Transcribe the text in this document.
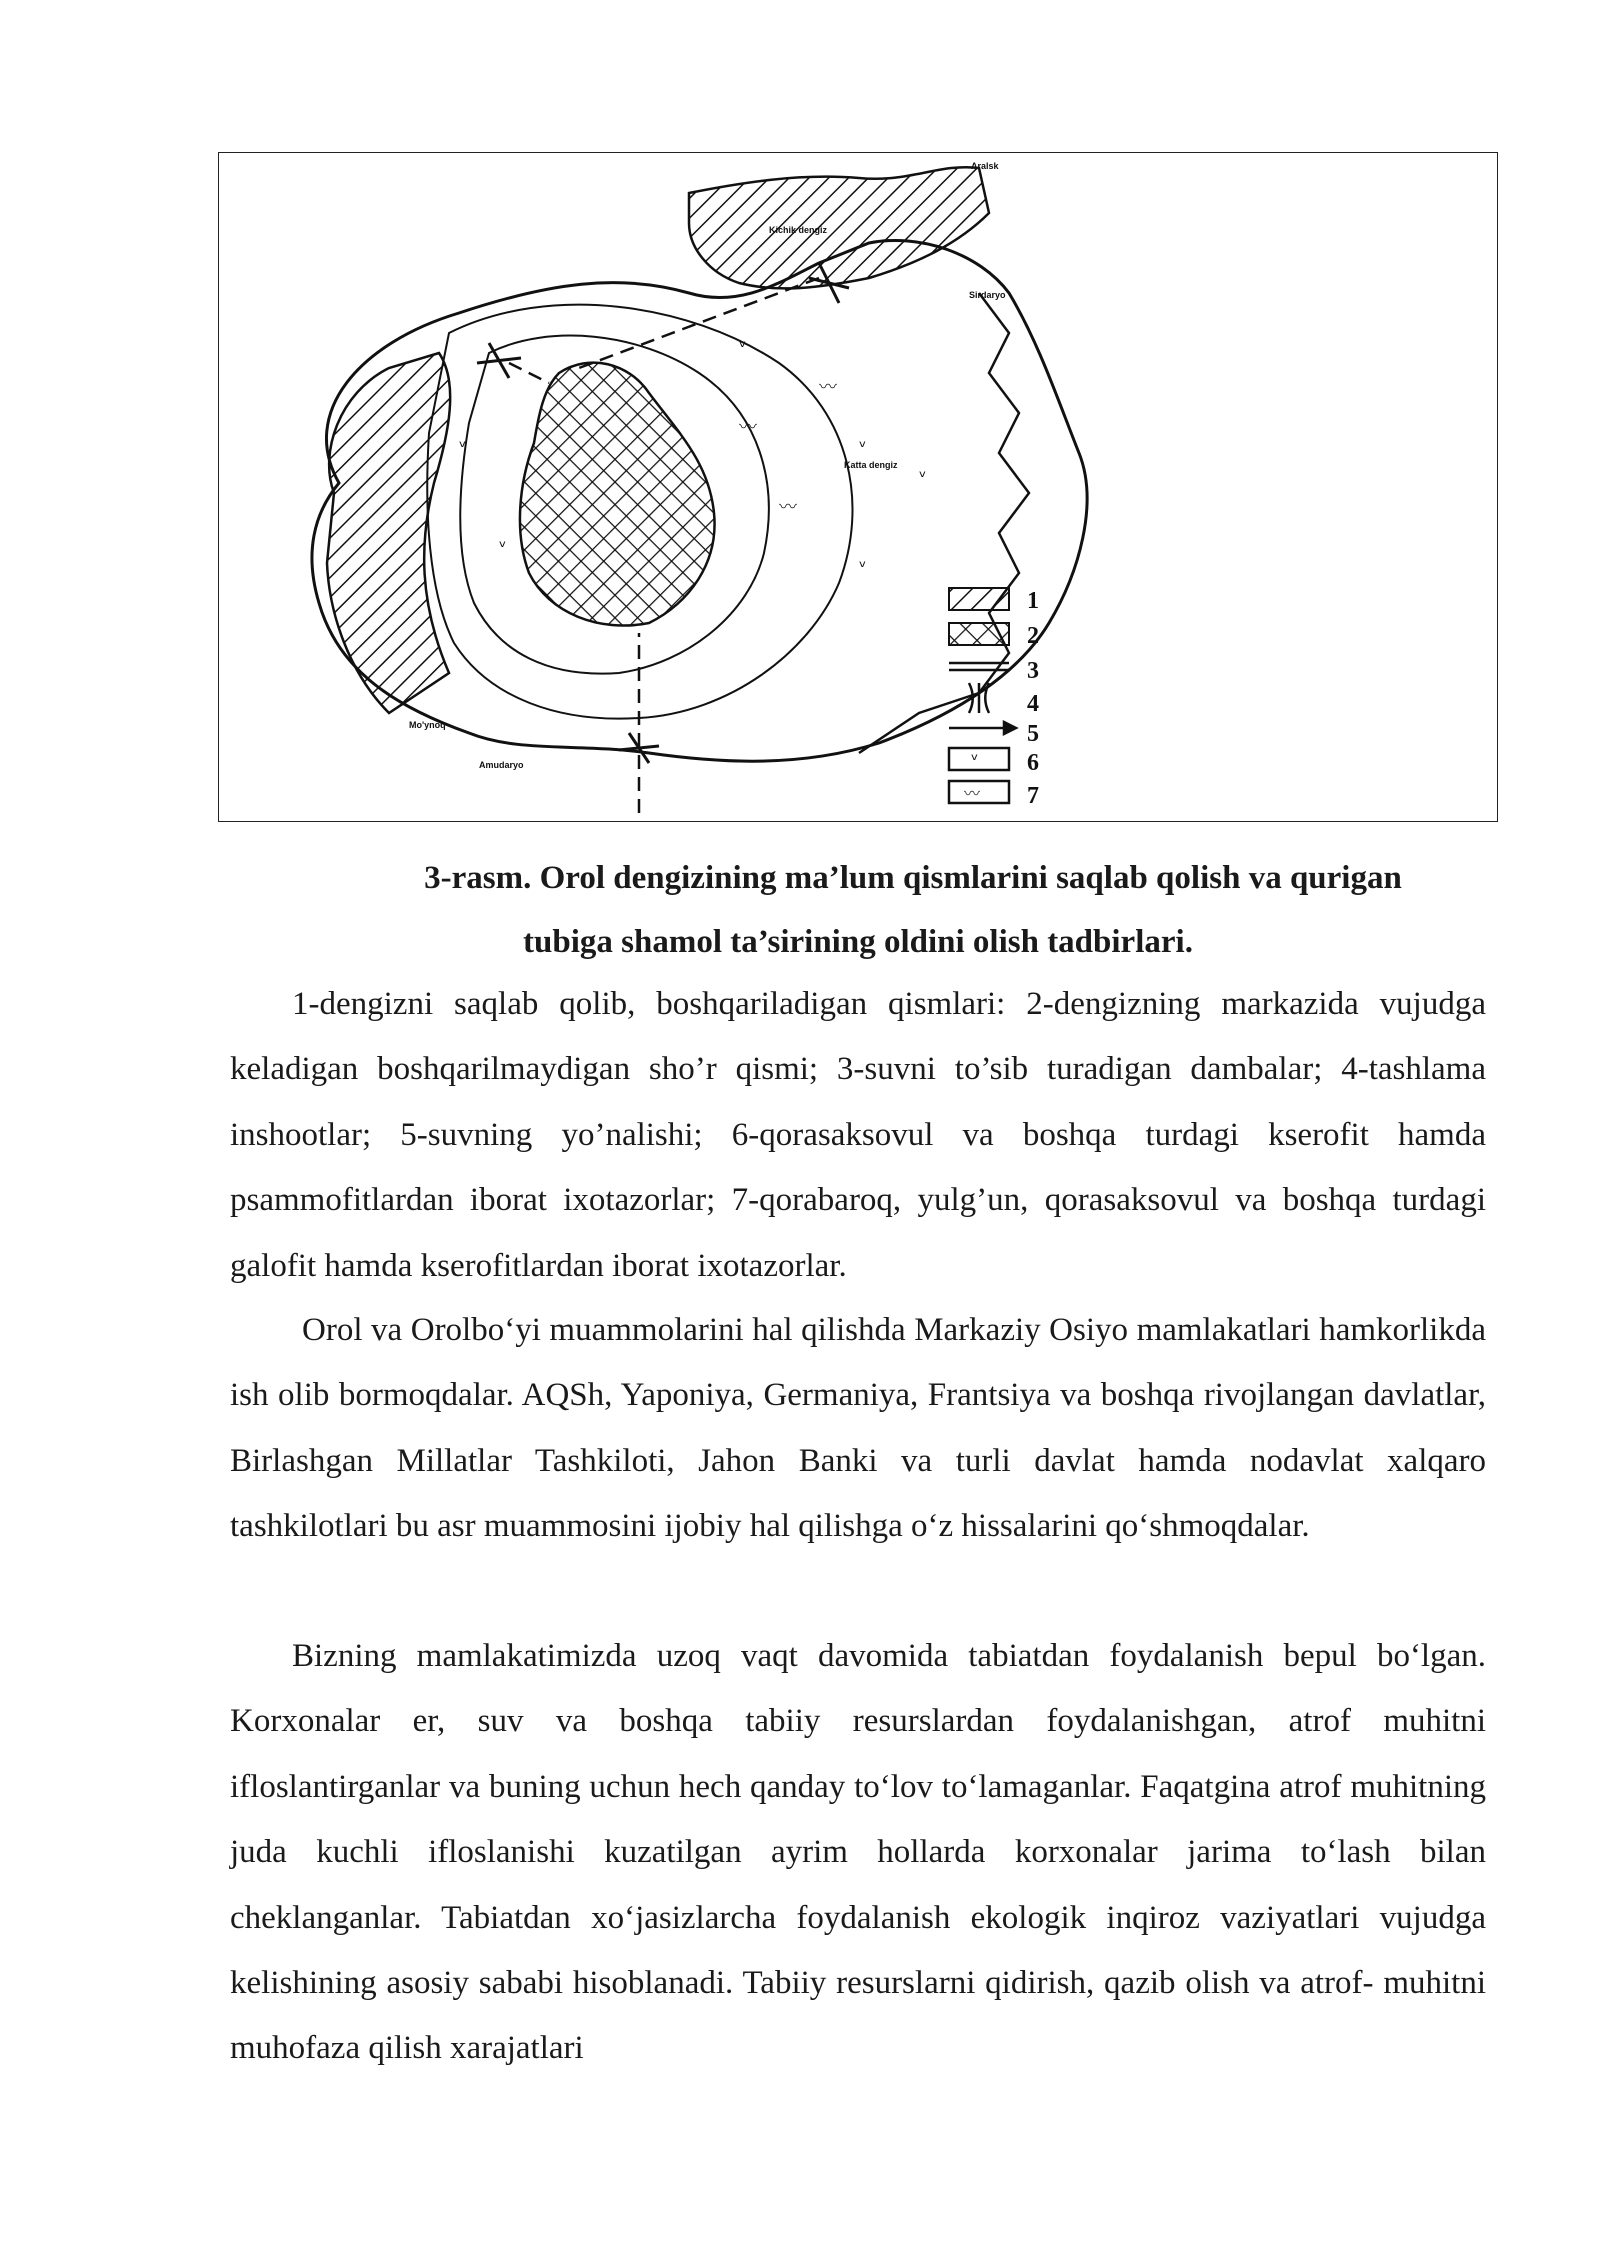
ᵛ
〰
ᵛ
〰
ᵛ
ᵛ
ᵛ
ᵛ
〰
Aralsk
Kichik dengiz
Sirdaryo
Katta dengiz
Mo'ynoq
Amudaryo
1
2
3
4
5
ᵛ 6
〰 7
3-rasm. Orol dengizining ma’lum qismlarini saqlab qolish va qurigan
tubiga shamol ta’sirining oldini olish tadbirlari.
1-dengizni saqlab qolib, boshqariladigan qismlari: 2-dengizning markazida vujudga keladigan boshqarilmaydigan sho’r qismi; 3-suvni to’sib turadigan dambalar; 4-tashlama inshootlar; 5-suvning yo’nalishi; 6-qorasaksovul va boshqa turdagi kserofit hamda psammofitlardan iborat ixotazorlar; 7-qorabaroq, yulg’un, qorasaksovul va boshqa turdagi galofit hamda kserofitlardan iborat ixotazorlar.
Orol va Orolbo‘yi muammolarini hal qilishda Markaziy Osiyo mamlakatlari hamkorlikda ish olib bormoqdalar. AQSh, Yaponiya, Germaniya, Frantsiya va boshqa rivojlangan davlatlar, Birlashgan Millatlar Tashkiloti, Jahon Banki va turli davlat hamda nodavlat xalqaro tashkilotlari bu asr muammosini ijobiy hal qilishga o‘z hissalarini qo‘shmoqdalar.
Bizning mamlakatimizda uzoq vaqt davomida tabiatdan foydalanish bepul bo‘lgan. Korxonalar er, suv va boshqa tabiiy resurslardan foydalanishgan, atrof muhitni ifloslantirganlar va buning uchun hech qanday to‘lov to‘lamaganlar. Faqatgina atrof muhitning juda kuchli ifloslanishi kuzatilgan ayrim hollarda korxonalar jarima to‘lash bilan cheklanganlar. Tabiatdan xo‘jasizlarcha foydalanish ekologik inqiroz vaziyatlari vujudga kelishining asosiy sababi hisoblanadi. Tabiiy resurslarni qidirish, qazib olish va atrof- muhitni muhofaza qilish xarajatlari
